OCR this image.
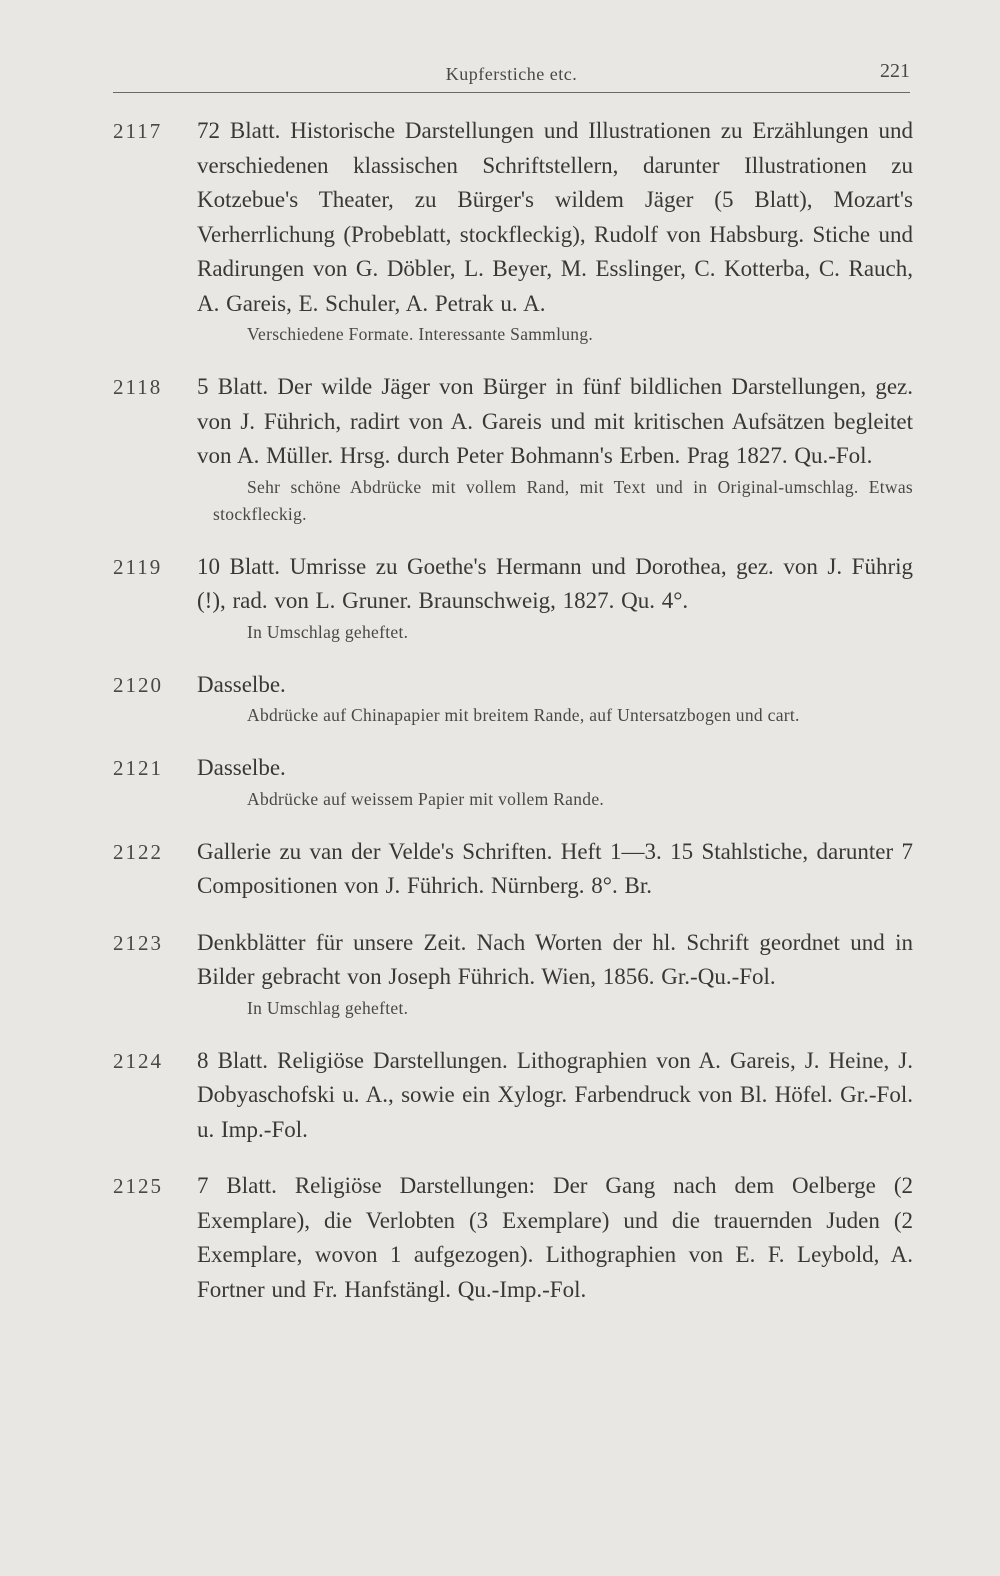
Kupferstiche etc.	221
2117 72 Blatt. Historische Darstellungen und Illustrationen zu Erzählungen und verschiedenen klassischen Schriftstellern, darunter Illustrationen zu Kotzebue's Theater, zu Bürger's wildem Jäger (5 Blatt), Mozart's Verherrlichung (Probeblatt, stockfleckig), Rudolf von Habsburg. Stiche und Radirungen von G. Döbler, L. Beyer, M. Esslinger, C. Kotterba, C. Rauch, A. Gareis, E. Schuler, A. Petrak u. A.
Verschiedene Formate. Interessante Sammlung.
2118 5 Blatt. Der wilde Jäger von Bürger in fünf bildlichen Darstellungen, gez. von J. Führich, radirt von A. Gareis und mit kritischen Aufsätzen begleitet von A. Müller. Hrsg. durch Peter Bohmann's Erben. Prag 1827. Qu.-Fol.
Sehr schöne Abdrücke mit vollem Rand, mit Text und in Original-umschlag. Etwas stockfleckig.
2119 10 Blatt. Umrisse zu Goethe's Hermann und Dorothea, gez. von J. Führig (!), rad. von L. Gruner. Braunschweig, 1827. Qu. 4°.
In Umschlag geheftet.
2120 Dasselbe.
Abdrücke auf Chinapapier mit breitem Rande, auf Untersatzbogen und cart.
2121 Dasselbe.
Abdrücke auf weissem Papier mit vollem Rande.
2122 Gallerie zu van der Velde's Schriften. Heft 1—3. 15 Stahlstiche, darunter 7 Compositionen von J. Führich. Nürnberg. 8°. Br.
2123 Denkblätter für unsere Zeit. Nach Worten der hl. Schrift geordnet und in Bilder gebracht von Joseph Führich. Wien, 1856. Gr.-Qu.-Fol.
In Umschlag geheftet.
2124 8 Blatt. Religiöse Darstellungen. Lithographien von A. Gareis, J. Heine, J. Dobyaschofski u. A., sowie ein Xylogr. Farbendruck von Bl. Höfel. Gr.-Fol. u. Imp.-Fol.
2125 7 Blatt. Religiöse Darstellungen: Der Gang nach dem Oelberge (2 Exemplare), die Verlobten (3 Exemplare) und die trauernden Juden (2 Exemplare, wovon 1 aufgezogen). Lithographien von E. F. Leybold, A. Fortner und Fr. Hanfstängl. Qu.-Imp.-Fol.
